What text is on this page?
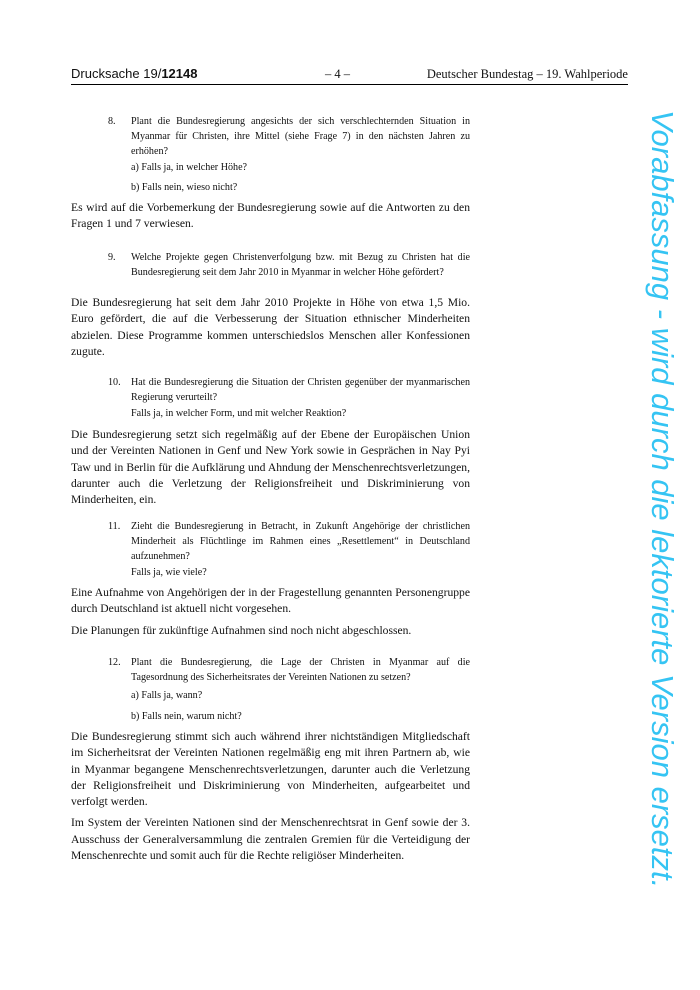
Drucksache 19/12148	– 4 –	Deutscher Bundestag – 19. Wahlperiode
8. Plant die Bundesregierung angesichts der sich verschlechternden Situation in Myanmar für Christen, ihre Mittel (siehe Frage 7) in den nächsten Jahren zu erhöhen?
a) Falls ja, in welcher Höhe?
b) Falls nein, wieso nicht?

Es wird auf die Vorbemerkung der Bundesregierung sowie auf die Antworten zu den Fragen 1 und 7 verwiesen.

9. Welche Projekte gegen Christenverfolgung bzw. mit Bezug zu Christen hat die Bundesregierung seit dem Jahr 2010 in Myanmar in welcher Höhe gefördert?

Die Bundesregierung hat seit dem Jahr 2010 Projekte in Höhe von etwa 1,5 Mio. Euro gefördert, die auf die Verbesserung der Situation ethnischer Minderheiten abzielen. Diese Programme kommen unterschiedslos Menschen aller Konfessionen zugute.

10. Hat die Bundesregierung die Situation der Christen gegenüber der myanmarischen Regierung verurteilt?
Falls ja, in welcher Form, und mit welcher Reaktion?

Die Bundesregierung setzt sich regelmäßig auf der Ebene der Europäischen Union und der Vereinten Nationen in Genf und New York sowie in Gesprächen in Nay Pyi Taw und in Berlin für die Aufklärung und Ahndung der Menschenrechtsverletzungen, darunter auch die Verletzung der Religionsfreiheit und Diskriminierung von Minderheiten, ein.

11. Zieht die Bundesregierung in Betracht, in Zukunft Angehörige der christlichen Minderheit als Flüchtlinge im Rahmen eines „Resettlement“ in Deutschland aufzunehmen?
Falls ja, wie viele?

Eine Aufnahme von Angehörigen der in der Fragestellung genannten Personengruppe durch Deutschland ist aktuell nicht vorgesehen.

Die Planungen für zukünftige Aufnahmen sind noch nicht abgeschlossen.

12. Plant die Bundesregierung, die Lage der Christen in Myanmar auf die Tagesordnung des Sicherheitsrates der Vereinten Nationen zu setzen?
a) Falls ja, wann?
b) Falls nein, warum nicht?

Die Bundesregierung stimmt sich auch während ihrer nichtständigen Mitgliedschaft im Sicherheitsrat der Vereinten Nationen regelmäßig eng mit ihren Partnern ab, wie in Myanmar begangene Menschenrechtsverletzungen, darunter auch die Verletzung der Religionsfreiheit und Diskriminierung von Minderheiten, aufgearbeitet und verfolgt werden.

Im System der Vereinten Nationen sind der Menschenrechtsrat in Genf sowie der 3. Ausschuss der Generalversammlung die zentralen Gremien für die Verteidigung der Menschenrechte und somit auch für die Rechte religiöser Minderheiten.	Vorabfassung - wird durch die lektorierte Version ersetzt.
